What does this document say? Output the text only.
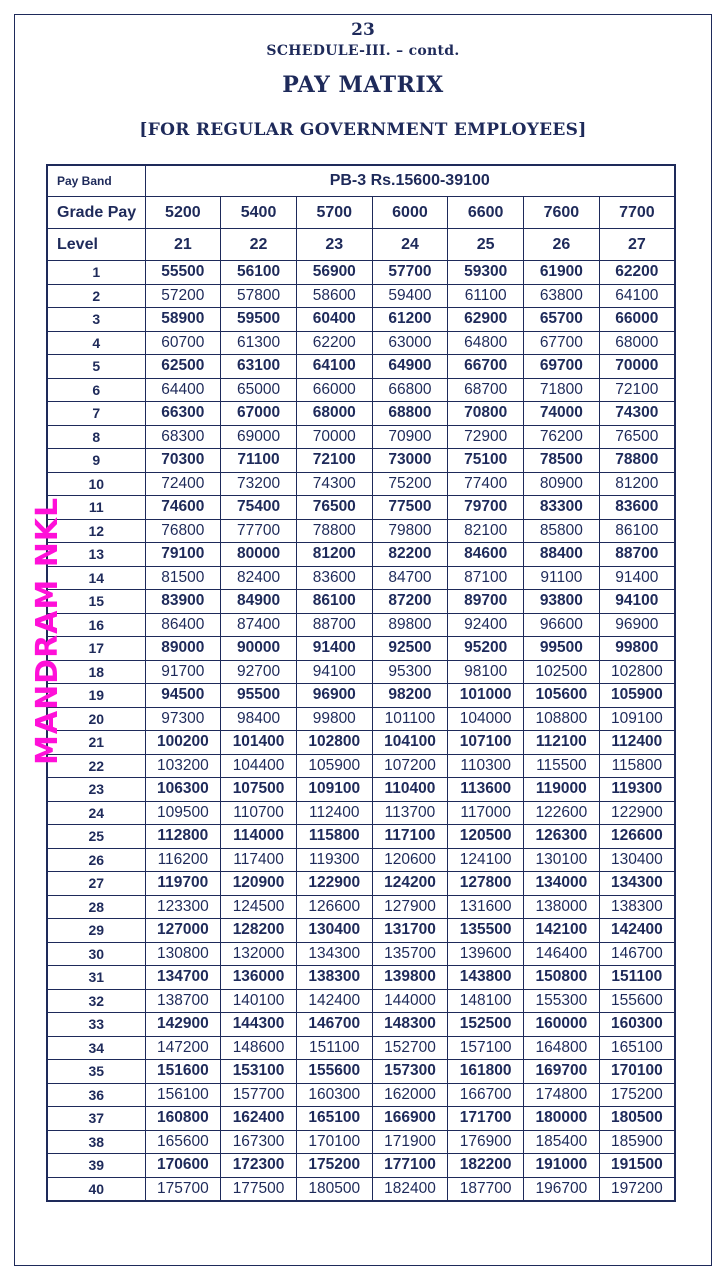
23
SCHEDULE-III. – contd.
PAY MATRIX
[FOR REGULAR GOVERNMENT EMPLOYEES]
Pay Band	PB-3 Rs.15600-39100						
Grade Pay	5200	5400	5700	6000	6600	7600	7700
Level	21	22	23	24	25	26	27
1	55500	56100	56900	57700	59300	61900	62200
2	57200	57800	58600	59400	61100	63800	64100
3	58900	59500	60400	61200	62900	65700	66000
4	60700	61300	62200	63000	64800	67700	68000
5	62500	63100	64100	64900	66700	69700	70000
6	64400	65000	66000	66800	68700	71800	72100
7	66300	67000	68000	68800	70800	74000	74300
8	68300	69000	70000	70900	72900	76200	76500
9	70300	71100	72100	73000	75100	78500	78800
10	72400	73200	74300	75200	77400	80900	81200
11	74600	75400	76500	77500	79700	83300	83600
12	76800	77700	78800	79800	82100	85800	86100
13	79100	80000	81200	82200	84600	88400	88700
14	81500	82400	83600	84700	87100	91100	91400
15	83900	84900	86100	87200	89700	93800	94100
16	86400	87400	88700	89800	92400	96600	96900
17	89000	90000	91400	92500	95200	99500	99800
18	91700	92700	94100	95300	98100	102500	102800
19	94500	95500	96900	98200	101000	105600	105900
20	97300	98400	99800	101100	104000	108800	109100
21	100200	101400	102800	104100	107100	112100	112400
22	103200	104400	105900	107200	110300	115500	115800
23	106300	107500	109100	110400	113600	119000	119300
24	109500	110700	112400	113700	117000	122600	122900
25	112800	114000	115800	117100	120500	126300	126600
26	116200	117400	119300	120600	124100	130100	130400
27	119700	120900	122900	124200	127800	134000	134300
28	123300	124500	126600	127900	131600	138000	138300
29	127000	128200	130400	131700	135500	142100	142400
30	130800	132000	134300	135700	139600	146400	146700
31	134700	136000	138300	139800	143800	150800	151100
32	138700	140100	142400	144000	148100	155300	155600
33	142900	144300	146700	148300	152500	160000	160300
34	147200	148600	151100	152700	157100	164800	165100
35	151600	153100	155600	157300	161800	169700	170100
36	156100	157700	160300	162000	166700	174800	175200
37	160800	162400	165100	166900	171700	180000	180500
38	165600	167300	170100	171900	176900	185400	185900
39	170600	172300	175200	177100	182200	191000	191500
40	175700	177500	180500	182400	187700	196700	197200
MANDRAM NKL
